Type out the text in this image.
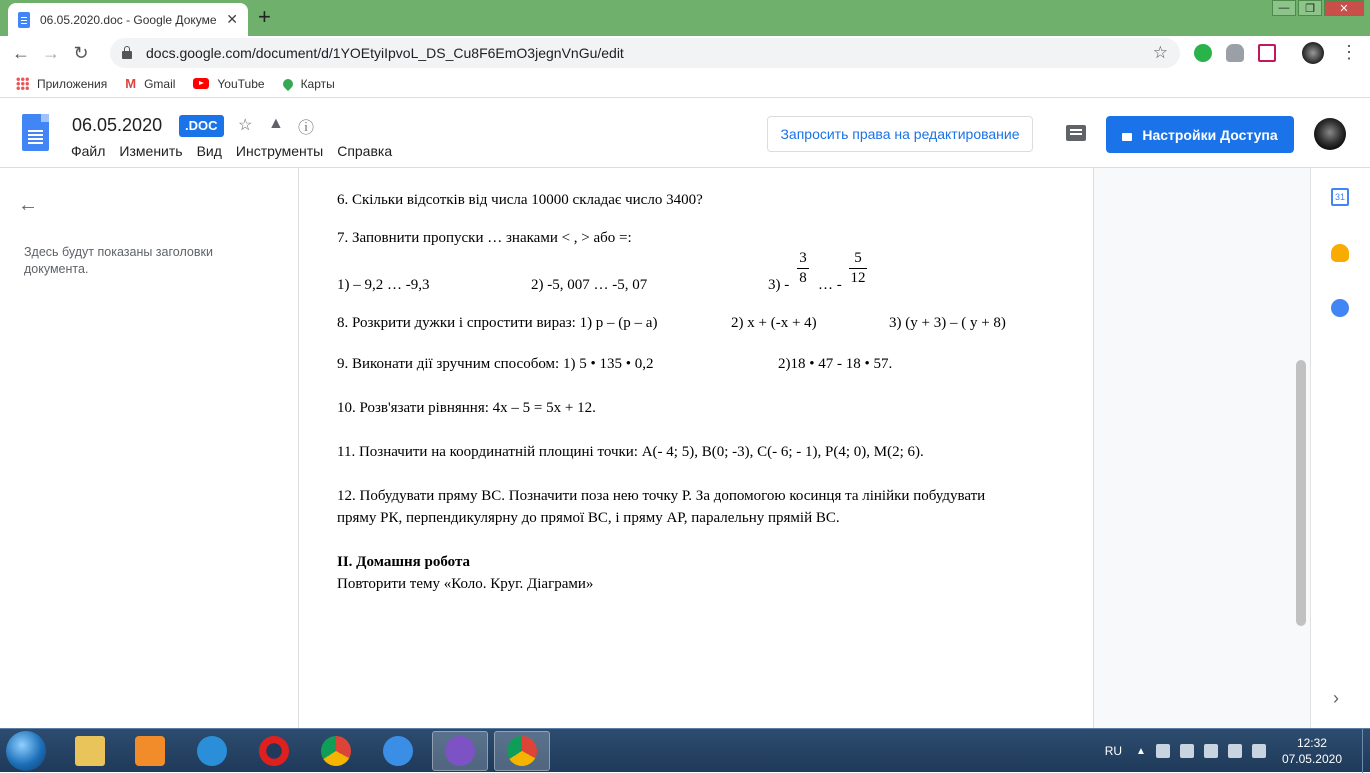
06.05.2020.doc - Google Докуме ✕ +	—	❐	✕
← → ↻	docs.google.com/document/d/1YOEtyiIpvoL_DS_Cu8F6EmO3jegnVnGu/edit	☆	⋮
Приложения M Gmail	YouTube	Карты
06.05.2020	.DOC	☆ ▲ ⓘ
Файл Изменить Вид Инструменты Справка
Запросить права на редактирование	Настройки Доступа
←
Здесь будут показаны заголовки документа.
6. Скільки відсотків від числа 10000 складає число 3400?
7. Заповнити пропуски … знаками < , > або =:
1) – 9,2 … -9,3	2) -5, 007 … -5, 07	3) -
3
8 … -
5
12
8. Розкрити дужки і спростити вираз: 1) р – (р – а)	2) х + (-х + 4)	3) (у + 3) – ( у + 8)
9. Виконати дії зручним способом: 1) 5 • 135 • 0,2	2)18 • 47 - 18 • 57.
10. Розв'язати рівняння: 4х – 5 = 5х + 12.
11. Позначити на координатній площині точки: A(- 4; 5), B(0; -3), C(- 6; - 1), P(4; 0), M(2; 6).
12. Побудувати пряму ВС. Позначити поза нею точку Р. За допомогою косинця та лінійки побудувати
пряму РК, перпендикулярну до прямої ВС, і пряму АР, паралельну прямій ВС.
ІІ. Домашня робота
Повторити тему «Коло. Круг. Діаграми»
31
›
RU ▲
12:32
07.05.2020
